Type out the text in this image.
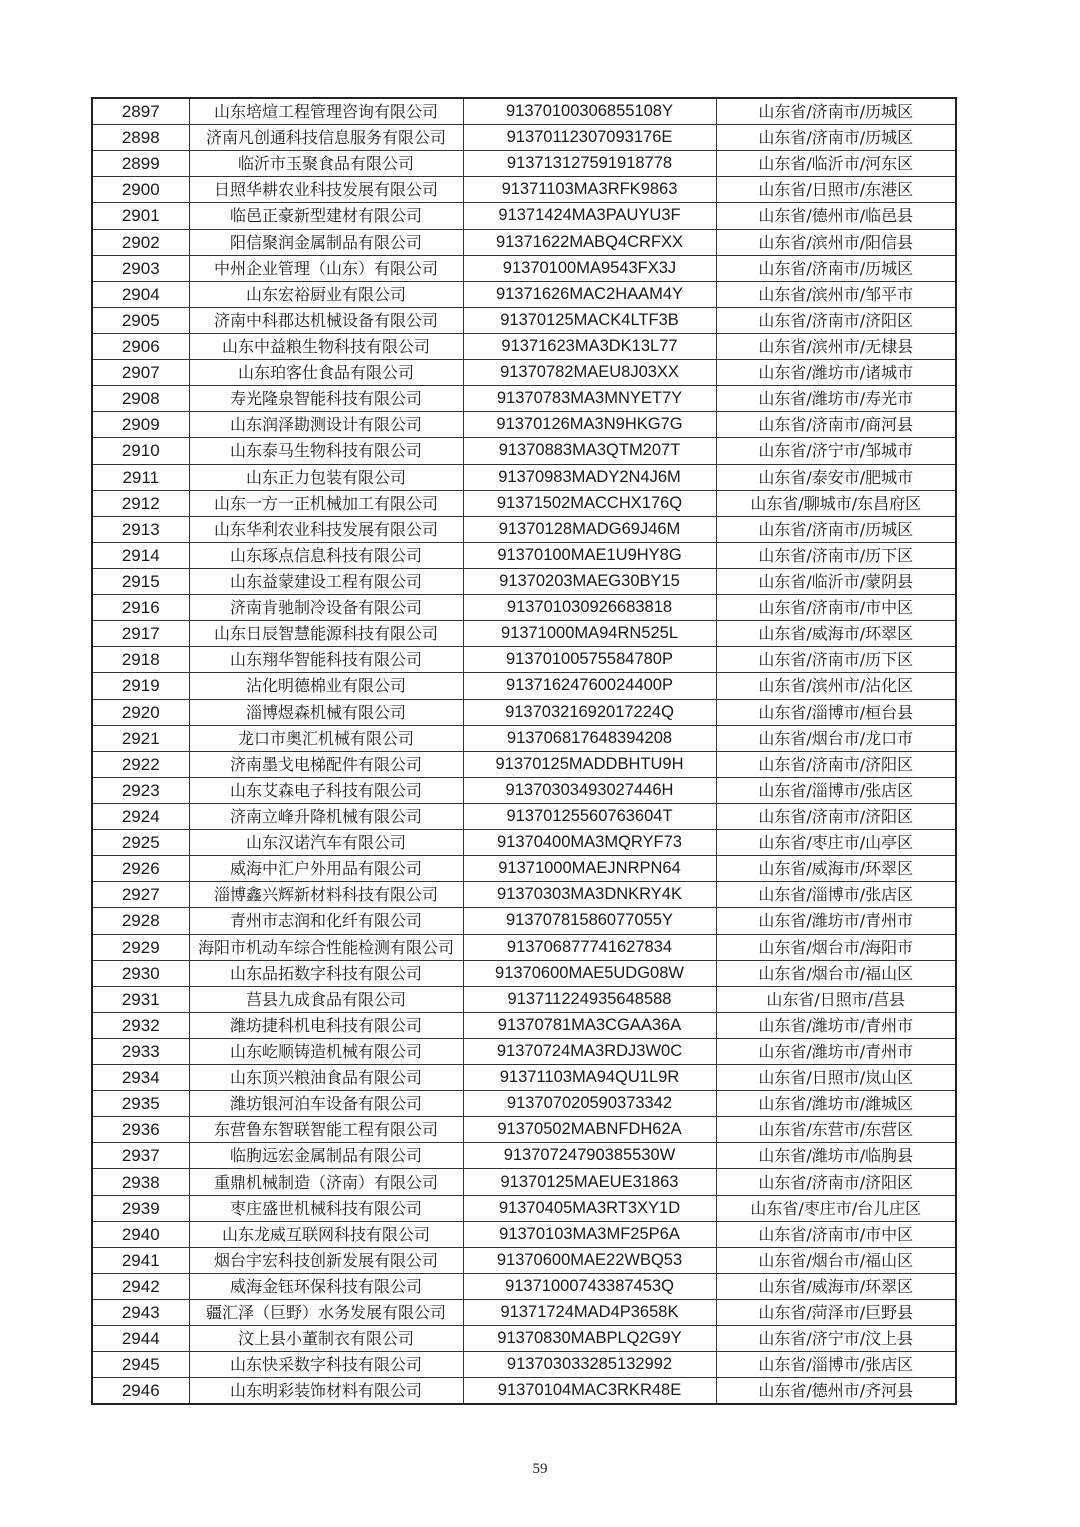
2897	山东培煊工程管理咨询有限公司	91370100306855108Y	山东省/济南市/历城区
2898	济南凡创通科技信息服务有限公司	91370112307093176E	山东省/济南市/历城区
2899	临沂市玉聚食品有限公司	91371312759191877​8	山东省/临沂市/河东区
2900	日照华耕农业科技发展有限公司	91371103MA3RFK9863	山东省/日照市/东港区
2901	临邑正豪新型建材有限公司	91371424MA3PAUYU3F	山东省/德州市/临邑县
2902	阳信聚润金属制品有限公司	91371622MABQ4CRFXX	山东省/滨州市/阳信县
2903	中州企业管理（山东）有限公司	91370100MA9543FX3J	山东省/济南市/历城区
2904	山东宏裕厨业有限公司	91371626MAC2HAAM4Y	山东省/滨州市/邹平市
2905	济南中科郡达机械设备有限公司	91370125MACK4LTF3B	山东省/济南市/济阳区
2906	山东中益粮生物科技有限公司	91371623MA3DK13L77	山东省/滨州市/无棣县
2907	山东珀客仕食品有限公司	91370782MAEU8J03XX	山东省/潍坊市/诸城市
2908	寿光隆泉智能科技有限公司	91370783MA3MNYET7Y	山东省/潍坊市/寿光市
2909	山东润泽勘测设计有限公司	91370126MA3N9HKG7G	山东省/济南市/商河县
2910	山东泰马生物科技有限公司	91370883MA3QTM207T	山东省/济宁市/邹城市
2911	山东正力包装有限公司	91370983MADY2N4J6M	山东省/泰安市/肥城市
2912	山东一方一正机械加工有限公司	91371502MACCHX176Q	山东省/聊城市/东昌府区
2913	山东华利农业科技发展有限公司	91370128MADG69J46M	山东省/济南市/历城区
2914	山东琢点信息科技有限公司	91370100MAE1U9HY8G	山东省/济南市/历下区
2915	山东益蒙建设工程有限公司	91370203MAEG30BY15	山东省/临沂市/蒙阴县
2916	济南肯驰制冷设备有限公司	913701030926683818	山东省/济南市/市中区
2917	山东日辰智慧能源科技有限公司	91371000MA94RN525L	山东省/威海市/环翠区
2918	山东翔华智能科技有限公司	91370100575584780P	山东省/济南市/历下区
2919	沾化明德棉业有限公司	91371624760024400P	山东省/滨州市/沾化区
2920	淄博煜森机械有限公司	91370321692017224Q	山东省/淄博市/桓台县
2921	龙口市奥汇机械有限公司	913706817648394208	山东省/烟台市/龙口市
2922	济南墨戈电梯配件有限公司	91370125MADDBHTU9H	山东省/济南市/济阳区
2923	山东艾森电子科技有限公司	91370303493027446H	山东省/淄博市/张店区
2924	济南立峰升降机械有限公司	91370125560763604T	山东省/济南市/济阳区
2925	山东汉诺汽车有限公司	91370400MA3MQRYF73	山东省/枣庄市/山亭区
2926	威海中汇户外用品有限公司	91371000MAEJNRPN64	山东省/威海市/环翠区
2927	淄博鑫兴辉新材料科技有限公司	91370303MA3DNKRY4K	山东省/淄博市/张店区
2928	青州市志润和化纤有限公司	91370781586077055Y	山东省/潍坊市/青州市
2929	海阳市机动车综合性能检测有限公司	913706877741627834	山东省/烟台市/海阳市
2930	山东品拓数字科技有限公司	91370600MAE5UDG08W	山东省/烟台市/福山区
2931	莒县九成食品有限公司	913711224935648588	山东省/日照市/莒县
2932	潍坊捷科机电科技有限公司	91370781MA3CGAA36A	山东省/潍坊市/青州市
2933	山东屹顺铸造机械有限公司	91370724MA3RDJ3W0C	山东省/潍坊市/青州市
2934	山东顶兴粮油食品有限公司	91371103MA94QU1L9R	山东省/日照市/岚山区
2935	潍坊银河泊车设备有限公司	91370702059037334​2	山东省/潍坊市/潍城区
2936	东营鲁东智联智能工程有限公司	91370502MABNFDH62A	山东省/东营市/东营区
2937	临朐远宏金属制品有限公司	91370724790385530W	山东省/潍坊市/临朐县
2938	重鼎机械制造（济南）有限公司	91370125MAEUE31863	山东省/济南市/济阳区
2939	枣庄盛世机械科技有限公司	91370405MA3RT3XY1D	山东省/枣庄市/台儿庄区
2940	山东龙威互联网科技有限公司	91370103MA3MF25P6A	山东省/济南市/市中区
2941	烟台宇宏科技创新发展有限公司	91370600MAE22WBQ53	山东省/烟台市/福山区
2942	威海金钰环保科技有限公司	91371000743387453Q	山东省/威海市/环翠区
2943	疆汇泽（巨野）水务发展有限公司	91371724MAD4P3658K	山东省/菏泽市/巨野县
2944	汶上县小董制衣有限公司	91370830MABPLQ2G9Y	山东省/济宁市/汶上县
2945	山东快采数字科技有限公司	913703033285132992	山东省/淄博市/张店区
2946	山东明彩装饰材料有限公司	91370104MAC3RKR48E	山东省/德州市/齐河县
59
